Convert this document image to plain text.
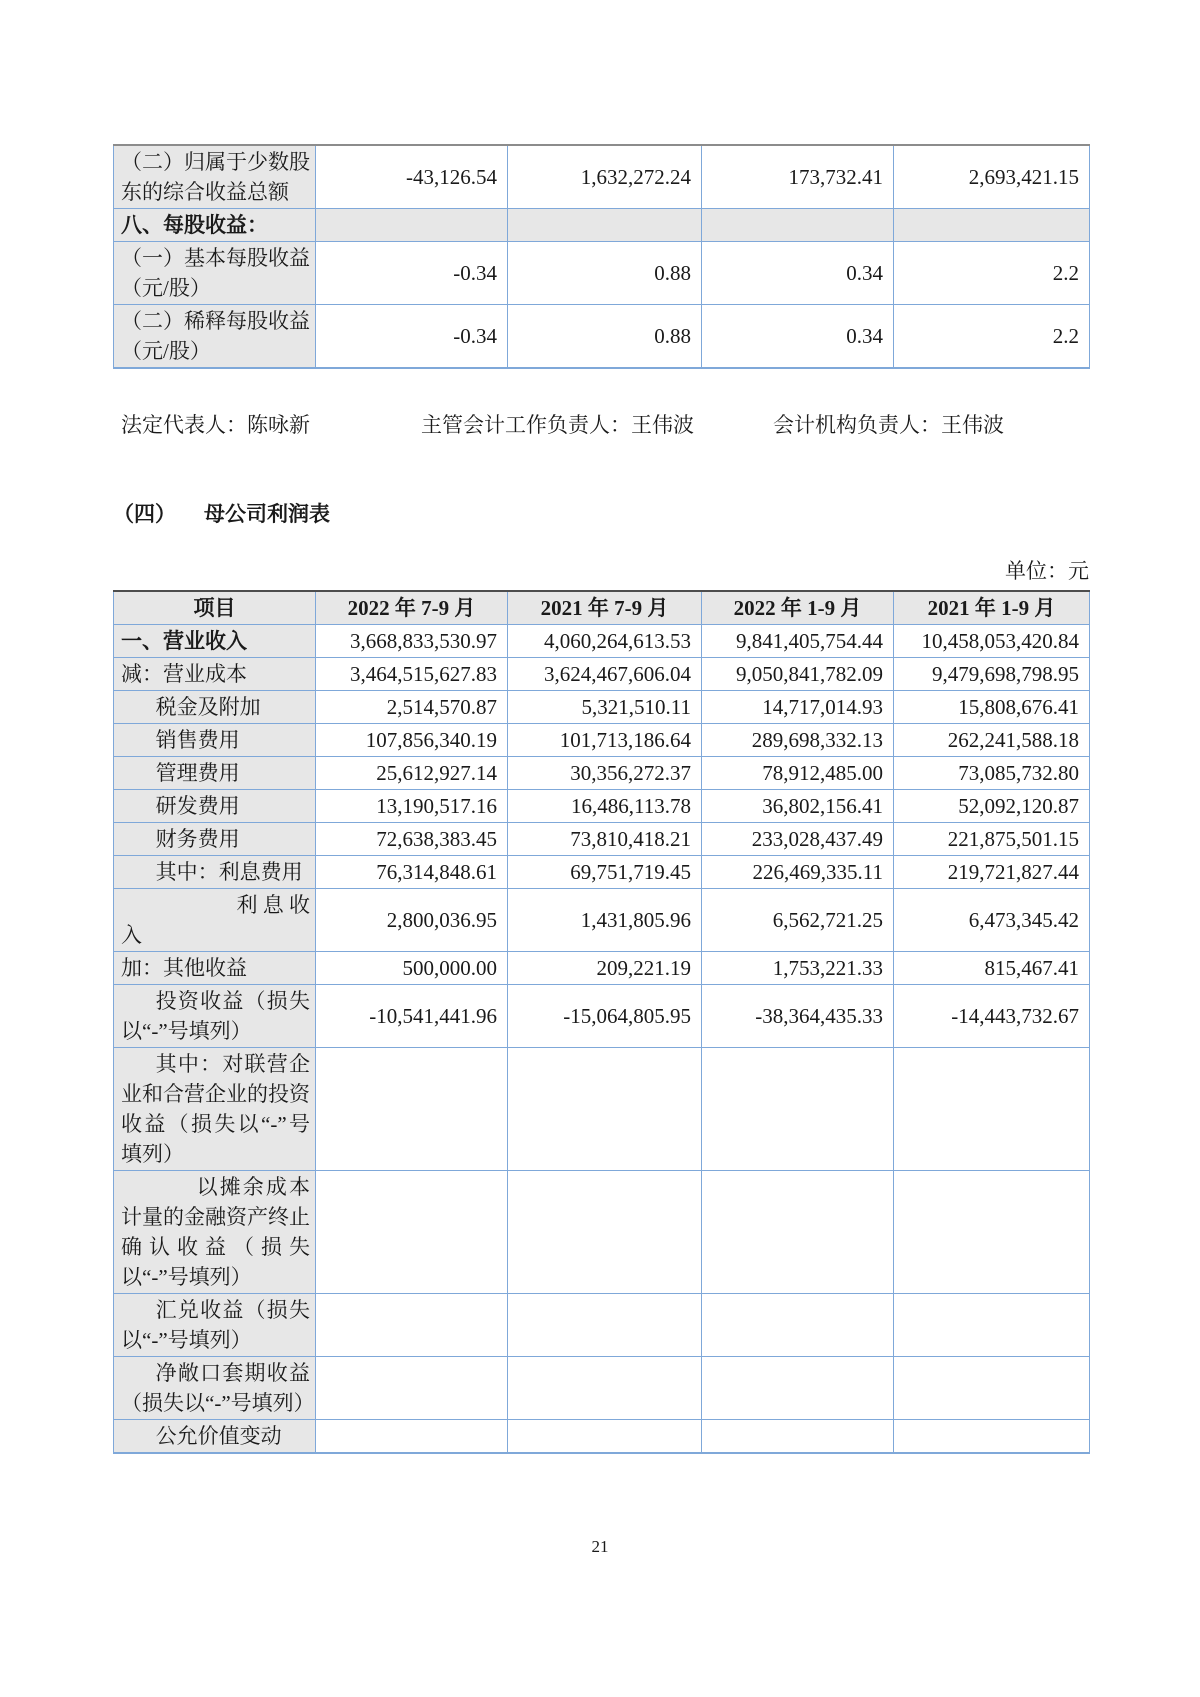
（二）归属于少数股东的综合收益总额	-43,126.54	1,632,272.24	173,732.41	2,693,421.15
八、每股收益：				
（一）基本每股收益（元/股）	-0.34	0.88	0.34	2.2
（二）稀释每股收益（元/股）	-0.34	0.88	0.34	2.2
法定代表人：陈咏新	主管会计工作负责人：王伟波	会计机构负责人：王伟波
（四） 母公司利润表
单位：元
项目	2022 年 7-9 月	2021 年 7-9 月	2022 年 1-9 月	2021 年 1-9 月
一、营业收入	3,668,833,530.97	4,060,264,613.53	9,841,405,754.44	10,458,053,420.84
减：营业成本	3,464,515,627.83	3,624,467,606.04	9,050,841,782.09	9,479,698,798.95
税金及附加	2,514,570.87	5,321,510.11	14,717,014.93	15,808,676.41
销售费用	107,856,340.19	101,713,186.64	289,698,332.13	262,241,588.18
管理费用	25,612,927.14	30,356,272.37	78,912,485.00	73,085,732.80
研发费用	13,190,517.16	16,486,113.78	36,802,156.41	52,092,120.87
财务费用	72,638,383.45	73,810,418.21	233,028,437.49	221,875,501.15
其中：利息费用	76,314,848.61	69,751,719.45	226,469,335.11	219,721,827.44
利息收入	2,800,036.95	1,431,805.96	6,562,721.25	6,473,345.42
加：其他收益	500,000.00	209,221.19	1,753,221.33	815,467.41
投资收益（损失以“-”号填列）	-10,541,441.96	-15,064,805.95	-38,364,435.33	-14,443,732.67
其中：对联营企业和合营企业的投资收益（损失以“-”号填列）				
以摊余成本计量的金融资产终止确认收益（损失以“-”号填列）				
汇兑收益（损失以“-”号填列）				
净敞口套期收益（损失以“-”号填列）				
公允价值变动				
21
